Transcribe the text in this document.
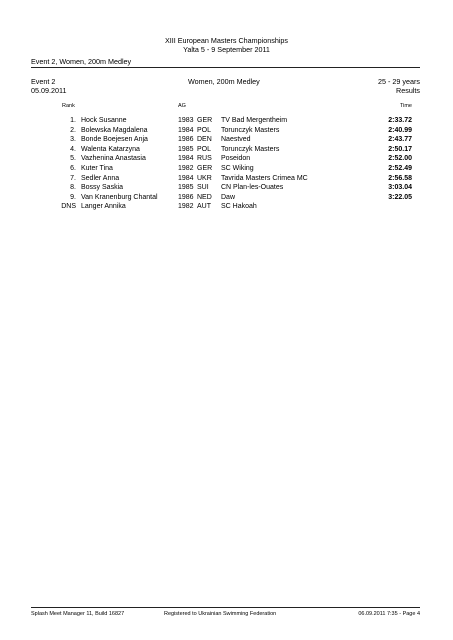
XIII European Masters Championships
Yalta 5 - 9 September 2011
Event 2, Women, 200m Medley
Event 2	Women, 200m Medley	25 - 29 years
05.09.2011	Results
Rank	AG	Time
1. Hock Susanne	1983 GER TV Bad Mergentheim	2:33.72
2. Bolewska Magdalena	1984 POL Torunczyk Masters	2:40.99
3. Bonde Boejesen Anja	1986 DEN Naestved	2:43.77
4. Walenta Katarzyna	1985 POL Torunczyk Masters	2:50.17
5. Vazhenina Anastasia	1984 RUS Poseidon	2:52.00
6. Kuter Tina	1982 GER SC Wiking	2:52.49
7. Sedler Anna	1984 UKR Tavrida Masters Crimea MC	2:56.58
8. Bossy Saskia	1985 SUI CN Plan-les-Ouates	3:03.04
9. Van Kranenburg Chantal	1986 NED Daw	3:22.05
DNS Langer Annika	1982 AUT SC Hakoah
Splash Meet Manager 11, Build 16827	Registered to Ukrainian Swimming Federation	06.09.2011 7:35 - Page 4
